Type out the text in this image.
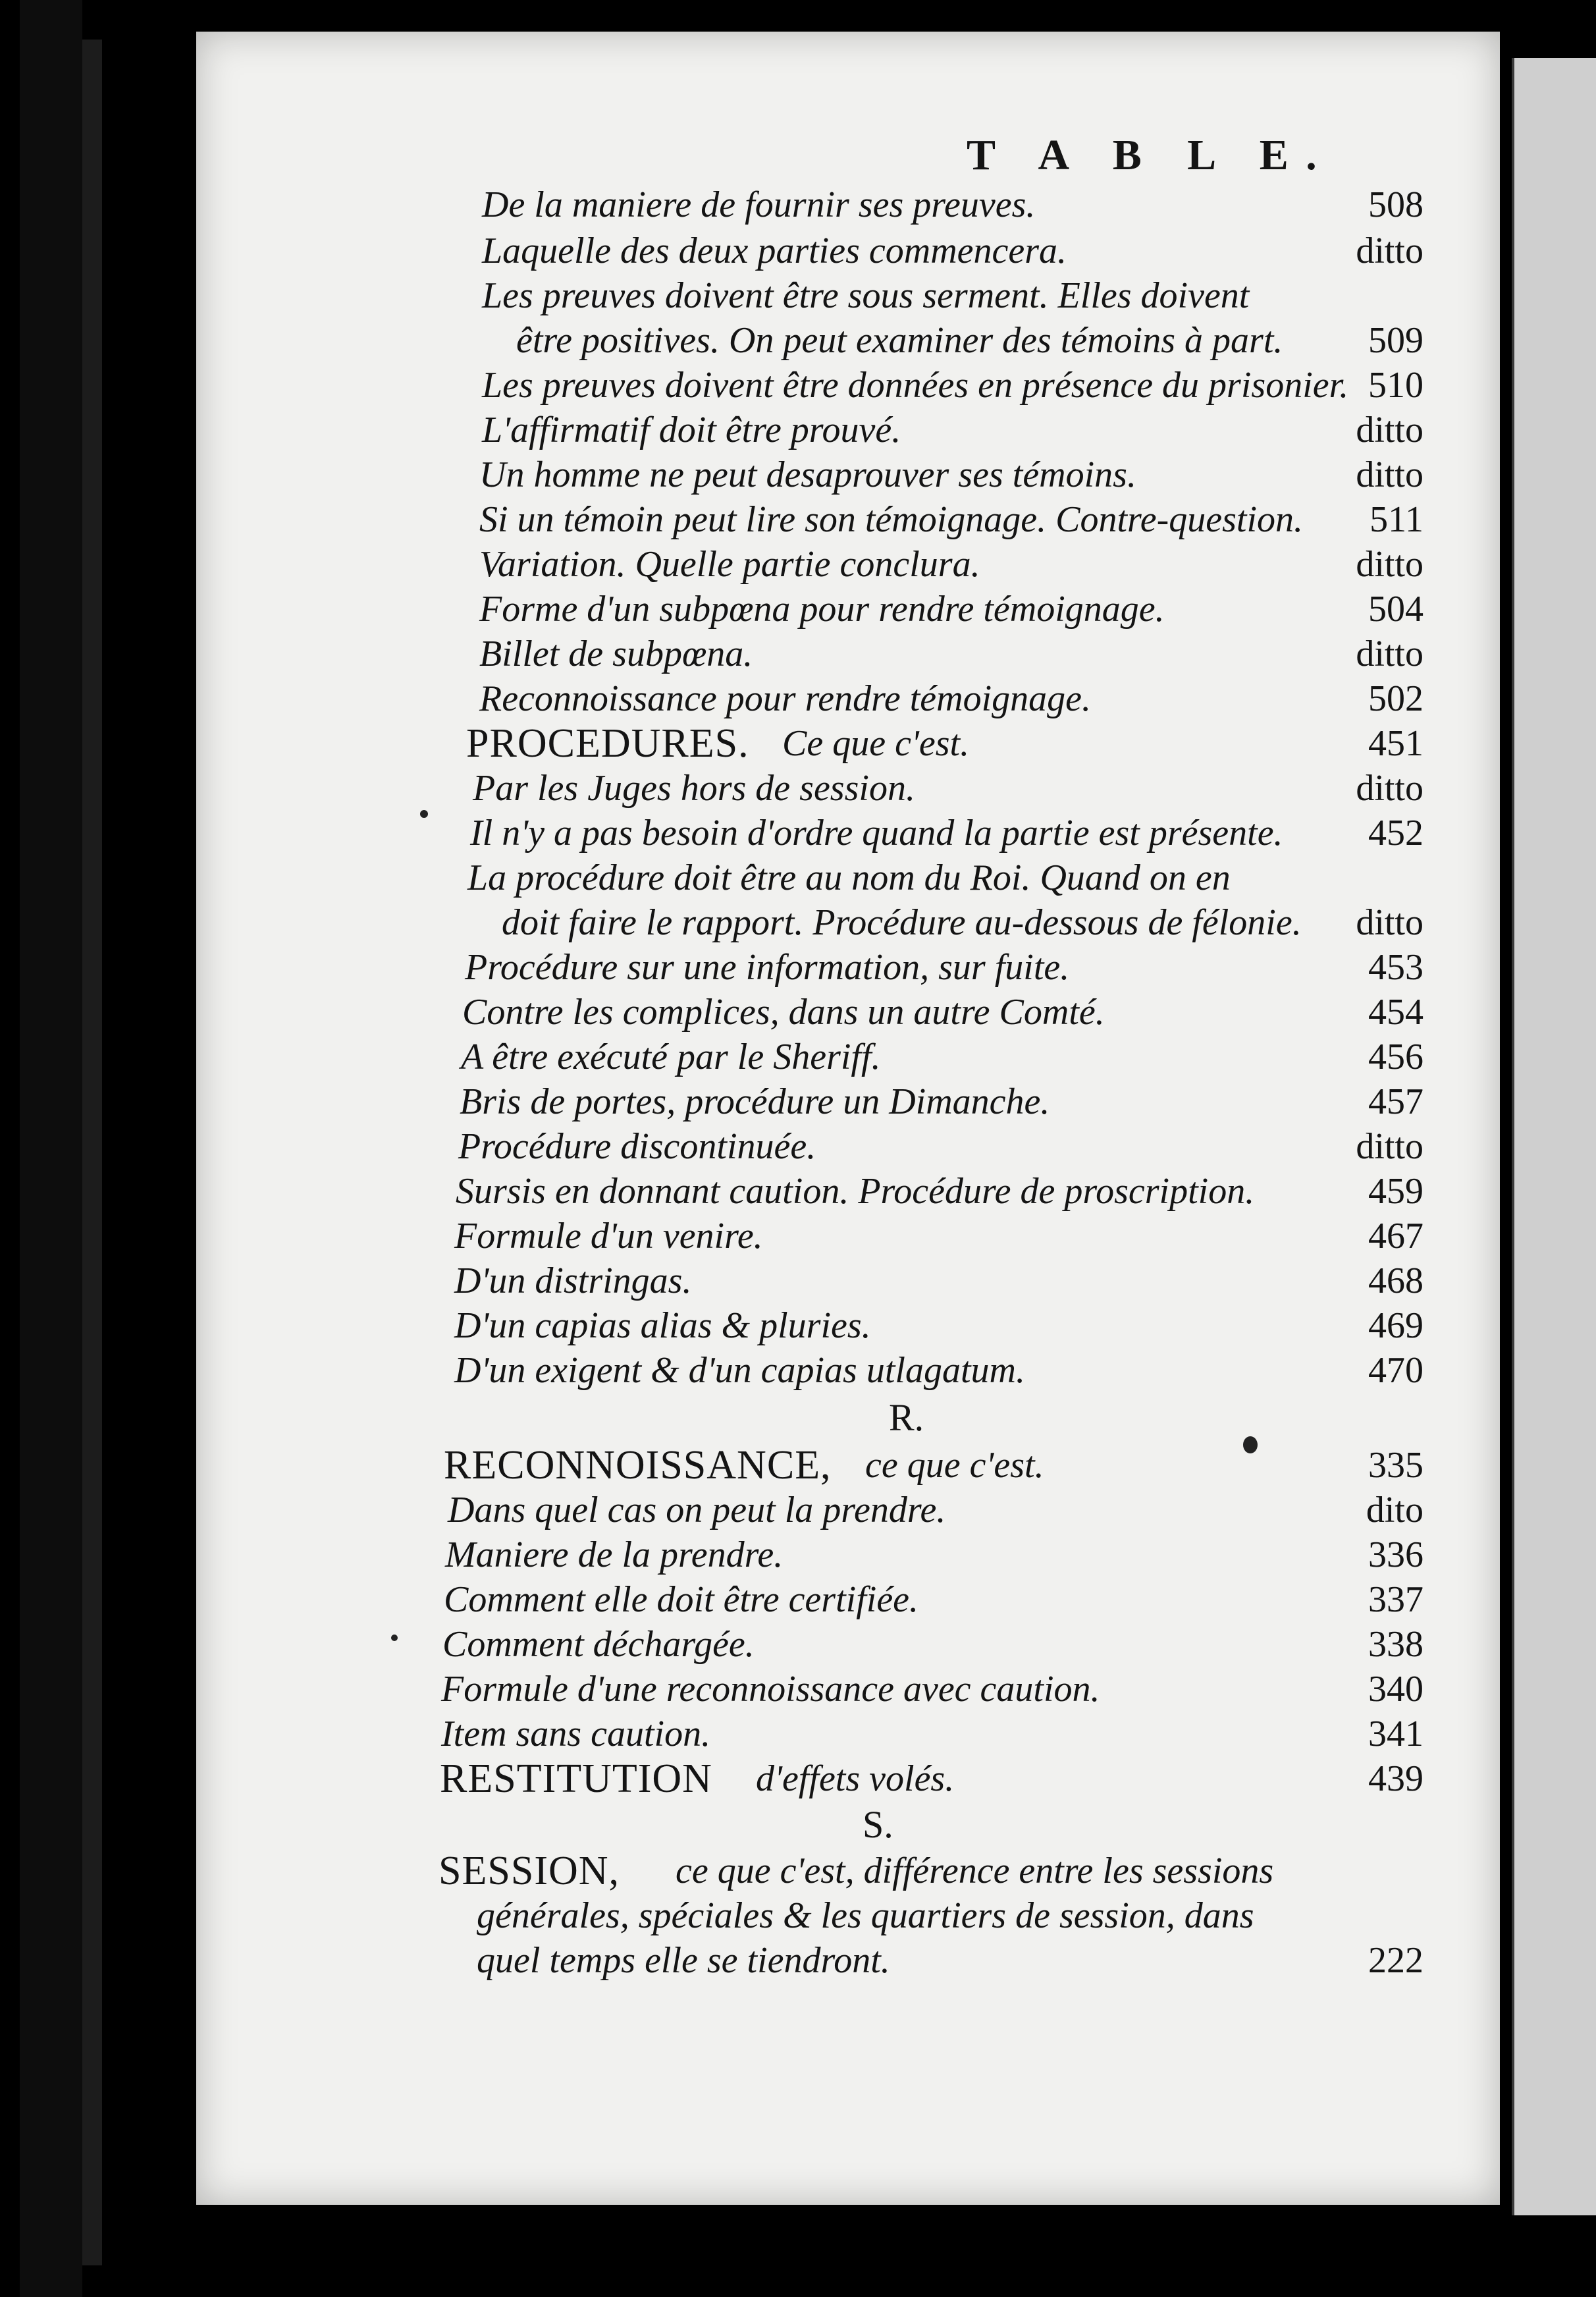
T A B L E.
De la maniere de fournir ses preuves.	508
Laquelle des deux parties commencera.	ditto
Les preuves doivent être sous serment. Elles doivent
être positives. On peut examiner des témoins à part. 509
Les preuves doivent être données en présence du prisonier. 510
L'affirmatif doit être prouvé.	ditto
Un homme ne peut desaprouver ses témoins.	ditto
Si un témoin peut lire son témoignage. Contre-question. 511
Variation. Quelle partie conclura.	ditto
Forme d'un subpœna pour rendre témoignage.	504
Billet de subpœna.	ditto
Reconnoissance pour rendre témoignage.	502
PROCEDURES. Ce que c'est.	451
Par les Juges hors de session.	ditto
Il n'y a pas besoin d'ordre quand la partie est présente. 452
La procédure doit être au nom du Roi. Quand on en
doit faire le rapport. Procédure au-dessous de félonie. ditto
Procédure sur une information, sur fuite.	453
Contre les complices, dans un autre Comté.	454
A être exécuté par le Sheriff.	456
Bris de portes, procédure un Dimanche.	457
Procédure discontinuée.	ditto
Sursis en donnant caution. Procédure de proscription.	459
Formule d'un venire.	467
D'un distringas.	468
D'un capias alias & pluries.	469
D'un exigent & d'un capias utlagatum.	470
R.
RECONNOISSANCE, ce que c'est.	335
Dans quel cas on peut la prendre.	dito
Maniere de la prendre.	336
Comment elle doit être certifiée.	337
Comment déchargée.	338
Formule d'une reconnoissance avec caution.	340
Item sans caution.	341
RESTITUTION d'effets volés.	439
S.
SESSION, ce que c'est, différence entre les sessions
générales, spéciales & les quartiers de session, dans
quel temps elle se tiendront.	222
